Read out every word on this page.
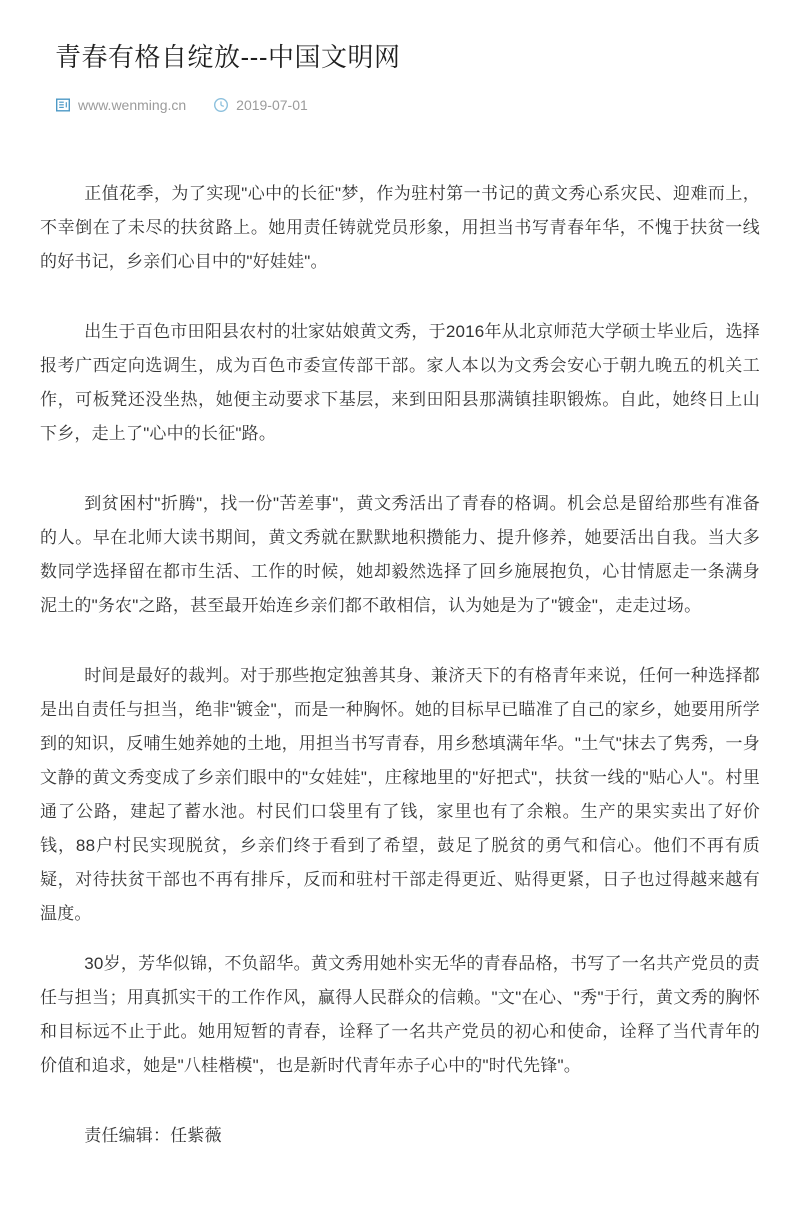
青春有格自绽放---中国文明网
www.wenming.cn	2019-07-01

正值花季，为了实现"心中的长征"梦，作为驻村第一书记的黄文秀心系灾民、迎难而上，不幸倒在了未尽的扶贫路上。她用责任铸就党员形象，用担当书写青春年华，不愧于扶贫一线的好书记，乡亲们心目中的"好娃娃"。

出生于百色市田阳县农村的壮家姑娘黄文秀，于2016年从北京师范大学硕士毕业后，选择报考广西定向选调生，成为百色市委宣传部干部。家人本以为文秀会安心于朝九晚五的机关工作，可板凳还没坐热，她便主动要求下基层，来到田阳县那满镇挂职锻炼。自此，她终日上山下乡，走上了"心中的长征"路。

到贫困村"折腾"，找一份"苦差事"，黄文秀活出了青春的格调。机会总是留给那些有准备的人。早在北师大读书期间，黄文秀就在默默地积攒能力、提升修养，她要活出自我。当大多数同学选择留在都市生活、工作的时候，她却毅然选择了回乡施展抱负，心甘情愿走一条满身泥土的"务农"之路，甚至最开始连乡亲们都不敢相信，认为她是为了"镀金"，走走过场。

时间是最好的裁判。对于那些抱定独善其身、兼济天下的有格青年来说，任何一种选择都是出自责任与担当，绝非"镀金"，而是一种胸怀。她的目标早已瞄准了自己的家乡，她要用所学到的知识，反哺生她养她的土地，用担当书写青春，用乡愁填满年华。"土气"抹去了隽秀，一身文静的黄文秀变成了乡亲们眼中的"女娃娃"，庄稼地里的"好把式"，扶贫一线的"贴心人"。村里通了公路，建起了蓄水池。村民们口袋里有了钱，家里也有了余粮。生产的果实卖出了好价钱，88户村民实现脱贫，乡亲们终于看到了希望，鼓足了脱贫的勇气和信心。他们不再有质疑，对待扶贫干部也不再有排斥，反而和驻村干部走得更近、贴得更紧，日子也过得越来越有温度。

30岁，芳华似锦，不负韶华。黄文秀用她朴实无华的青春品格，书写了一名共产党员的责任与担当；用真抓实干的工作作风，赢得人民群众的信赖。"文"在心、"秀"于行，黄文秀的胸怀和目标远不止于此。她用短暂的青春，诠释了一名共产党员的初心和使命，诠释了当代青年的价值和追求，她是"八桂楷模"，也是新时代青年赤子心中的"时代先锋"。

责任编辑：任紫薇
